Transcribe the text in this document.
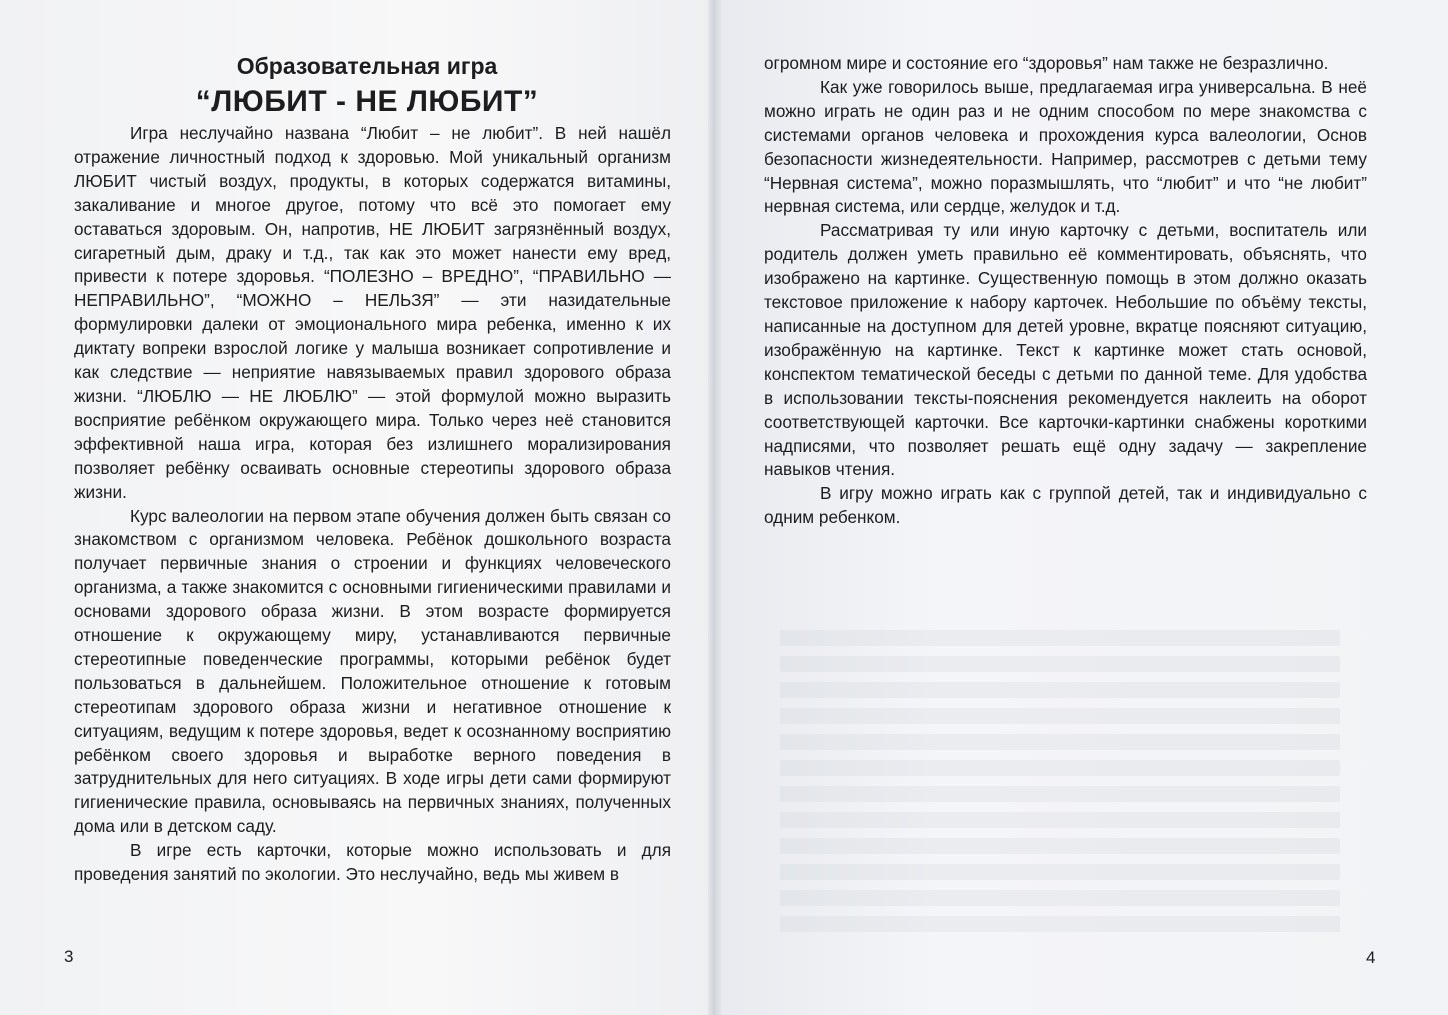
Образовательная игра
“ЛЮБИТ - НЕ ЛЮБИТ”

Игра неслучайно названа “Любит – не любит”. В ней нашёл отражение личностный подход к здоровью. Мой уникальный организм ЛЮБИТ чистый воздух, продукты, в которых содержатся витамины, закаливание и многое другое, потому что всё это помогает ему оставаться здоровым. Он, напротив, НЕ ЛЮБИТ загрязнённый воздух, сигаретный дым, драку и т.д., так как это может нанести ему вред, привести к потере здоровья. “ПОЛЕЗНО – ВРЕДНО”, “ПРАВИЛЬНО — НЕПРАВИЛЬНО”, “МОЖНО – НЕЛЬЗЯ” — эти назидательные формулировки далеки от эмоционального мира ребенка, именно к их диктату вопреки взрослой логике у малыша возникает сопротивление и как следствие — неприятие навязываемых правил здорового образа жизни. “ЛЮБЛЮ — НЕ ЛЮБЛЮ” — этой формулой можно выразить восприятие ребёнком окружающего мира. Только через неё становится эффективной наша игра, которая без излишнего морализирования позволяет ребёнку осваивать основные стереотипы здорового образа жизни.

Курс валеологии на первом этапе обучения должен быть связан со знакомством с организмом человека. Ребёнок дошкольного возраста получает первичные знания о строении и функциях человеческого организма, а также знакомится с основными гигиеническими правилами и основами здорового образа жизни. В этом возрасте формируется отношение к окружающему миру, устанавливаются первичные стереотипные поведенческие программы, которыми ребёнок будет пользоваться в дальнейшем. Положительное отношение к готовым стереотипам здорового образа жизни и негативное отношение к ситуациям, ведущим к потере здоровья, ведет к осознанному восприятию ребёнком своего здоровья и выработке верного поведения в затруднительных для него ситуациях. В ходе игры дети сами формируют гигиенические правила, основываясь на первичных знаниях, полученных дома или в детском саду.

В игре есть карточки, которые можно использовать и для проведения занятий по экологии. Это неслучайно, ведь мы живем в

огромном мире и состояние его “здоровья” нам также не безразлично.

Как уже говорилось выше, предлагаемая игра универсальна. В неё можно играть не один раз и не одним способом по мере знакомства с системами органов человека и прохождения курса валеологии, Основ безопасности жизнедеятельности. Например, рассмотрев с детьми тему “Нервная система”, можно поразмышлять, что “любит” и что “не любит” нервная система, или сердце, желудок и т.д.

Рассматривая ту или иную карточку с детьми, воспитатель или родитель должен уметь правильно её комментировать, объяснять, что изображено на картинке. Существенную помощь в этом должно оказать текстовое приложение к набору карточек. Небольшие по объёму тексты, написанные на доступном для детей уровне, вкратце поясняют ситуацию, изображённую на картинке. Текст к картинке может стать основой, конспектом тематической беседы с детьми по данной теме. Для удобства в использовании тексты-пояснения рекомендуется наклеить на оборот соответствующей карточки. Все карточки-картинки снабжены короткими надписями, что позволяет решать ещё одну задачу — закрепление навыков чтения.

В игру можно играть как с группой детей, так и индивидуально с одним ребенком.

3	4
